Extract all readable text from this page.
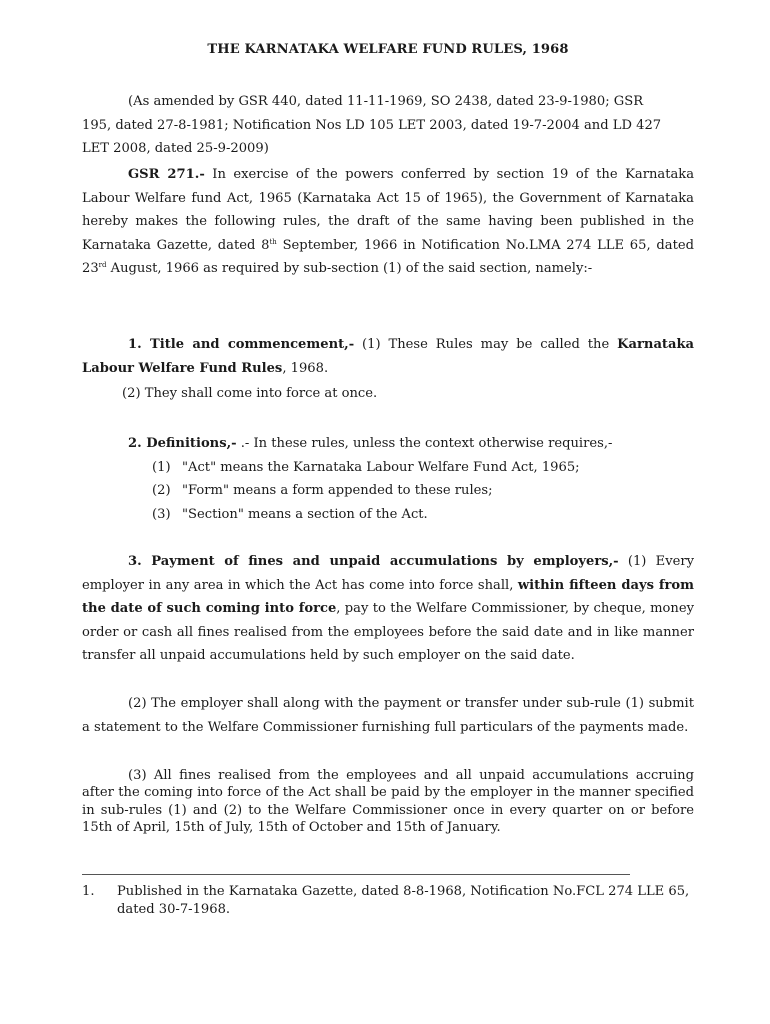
THE KARNATAKA WELFARE FUND RULES, 1968
(As amended by GSR 440, dated 11-11-1969, SO 2438, dated 23-9-1980; GSR
195, dated 27-8-1981; Notification Nos LD 105 LET 2003, dated 19-7-2004 and LD 427
LET 2008, dated 25-9-2009)

GSR 271.- In exercise of the powers conferred by section 19 of the Karnataka Labour Welfare fund Act, 1965 (Karnataka Act 15 of 1965), the Government of Karnataka hereby makes the following rules, the draft of the same having been published in the Karnataka Gazette, dated 8th September, 1966 in Notification No.LMA 274 LLE 65, dated 23rd August, 1966 as required by sub-section (1) of the said section, namely:-

1. Title and commencement,- (1) These Rules may be called the Karnataka Labour Welfare Fund Rules, 1968.

(2) They shall come into force at once.
2. Definitions,- .- In these rules, unless the context otherwise requires,-
(1) "Act" means the Karnataka Labour Welfare Fund Act, 1965;
(2) "Form" means a form appended to these rules;
(3) "Section" means a section of the Act.

3. Payment of fines and unpaid accumulations by employers,- (1) Every employer in any area in which the Act has come into force shall, within fifteen days from the date of such coming into force, pay to the Welfare Commissioner, by cheque, money order or cash all fines realised from the employees before the said date and in like manner transfer all unpaid accumulations held by such employer on the said date.

(2) The employer shall along with the payment or transfer under sub-rule (1) submit a statement to the Welfare Commissioner furnishing full particulars of the payments made.

(3) All fines realised from the employees and all unpaid accumulations accruing after the coming into force of the Act shall be paid by the employer in the manner specified in sub-rules (1) and (2) to the Welfare Commissioner once in every quarter on or before 15th of April, 15th of July, 15th of October and 15th of January.

1. Published in the Karnataka Gazette, dated 8-8-1968, Notification No.FCL 274 LLE 65, dated 30-7-1968.
